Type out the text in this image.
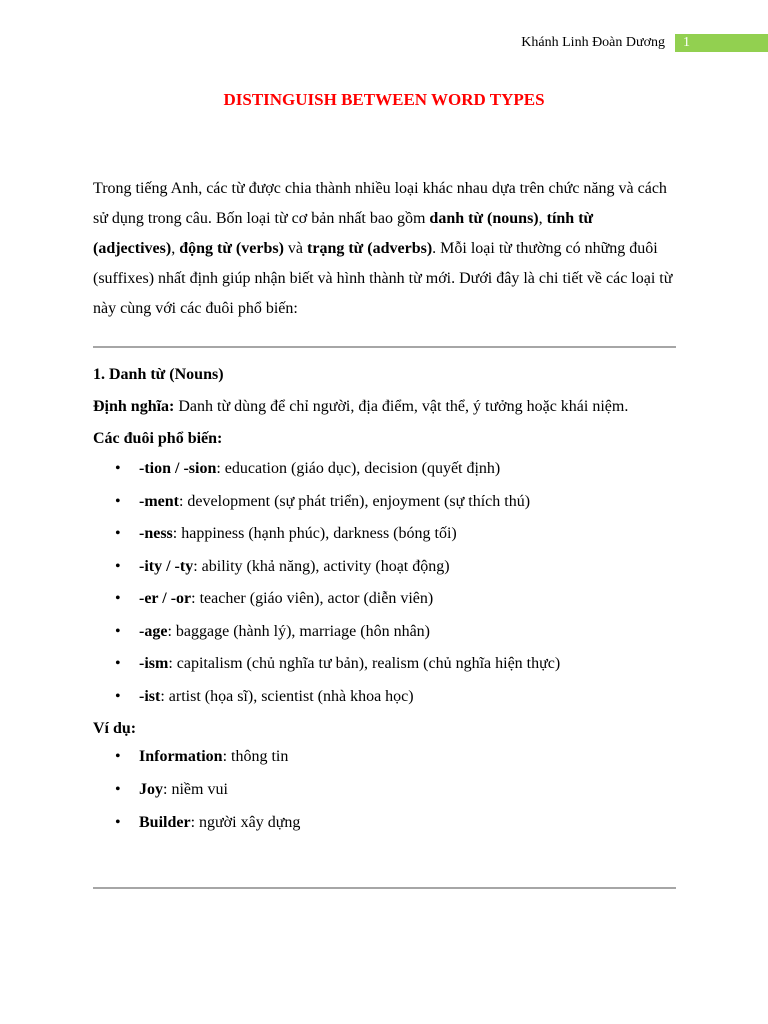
Khánh Linh Đoàn Dương	1
DISTINGUISH BETWEEN WORD TYPES

Trong tiếng Anh, các từ được chia thành nhiều loại khác nhau dựa trên chức năng và cách sử dụng trong câu. Bốn loại từ cơ bản nhất bao gồm danh từ (nouns), tính từ (adjectives), động từ (verbs) và trạng từ (adverbs). Mỗi loại từ thường có những đuôi (suffixes) nhất định giúp nhận biết và hình thành từ mới. Dưới đây là chi tiết về các loại từ này cùng với các đuôi phổ biến:

1. Danh từ (Nouns)

Định nghĩa: Danh từ dùng để chỉ người, địa điểm, vật thể, ý tưởng hoặc khái niệm.

Các đuôi phổ biến:

• -tion / -sion: education (giáo dục), decision (quyết định)
• -ment: development (sự phát triển), enjoyment (sự thích thú)
• -ness: happiness (hạnh phúc), darkness (bóng tối)
• -ity / -ty: ability (khả năng), activity (hoạt động)
• -er / -or: teacher (giáo viên), actor (diễn viên)
• -age: baggage (hành lý), marriage (hôn nhân)
• -ism: capitalism (chủ nghĩa tư bản), realism (chủ nghĩa hiện thực)
• -ist: artist (họa sĩ), scientist (nhà khoa học)

Ví dụ:

• Information: thông tin
• Joy: niềm vui
• Builder: người xây dựng
